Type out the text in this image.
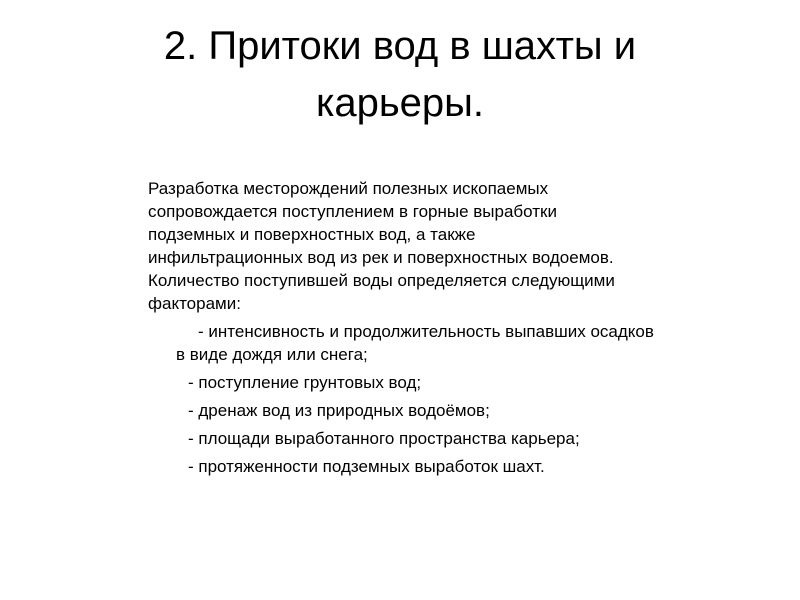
2. Притоки вод в шахты и
карьеры.

Разработка месторождений полезных ископаемых
сопровождается поступлением в горные выработки
подземных и поверхностных вод, а также

инфильтрационных вод из рек и поверхностных водоемов.
Количество поступившей воды определяется следующими
факторами:

- интенсивность и продолжительность выпавших осадков
в виде дождя или снега;
- поступление грунтовых вод;
- дренаж вод из природных водоёмов;
- площади выработанного пространства карьера;
- протяженности подземных выработок шахт.
